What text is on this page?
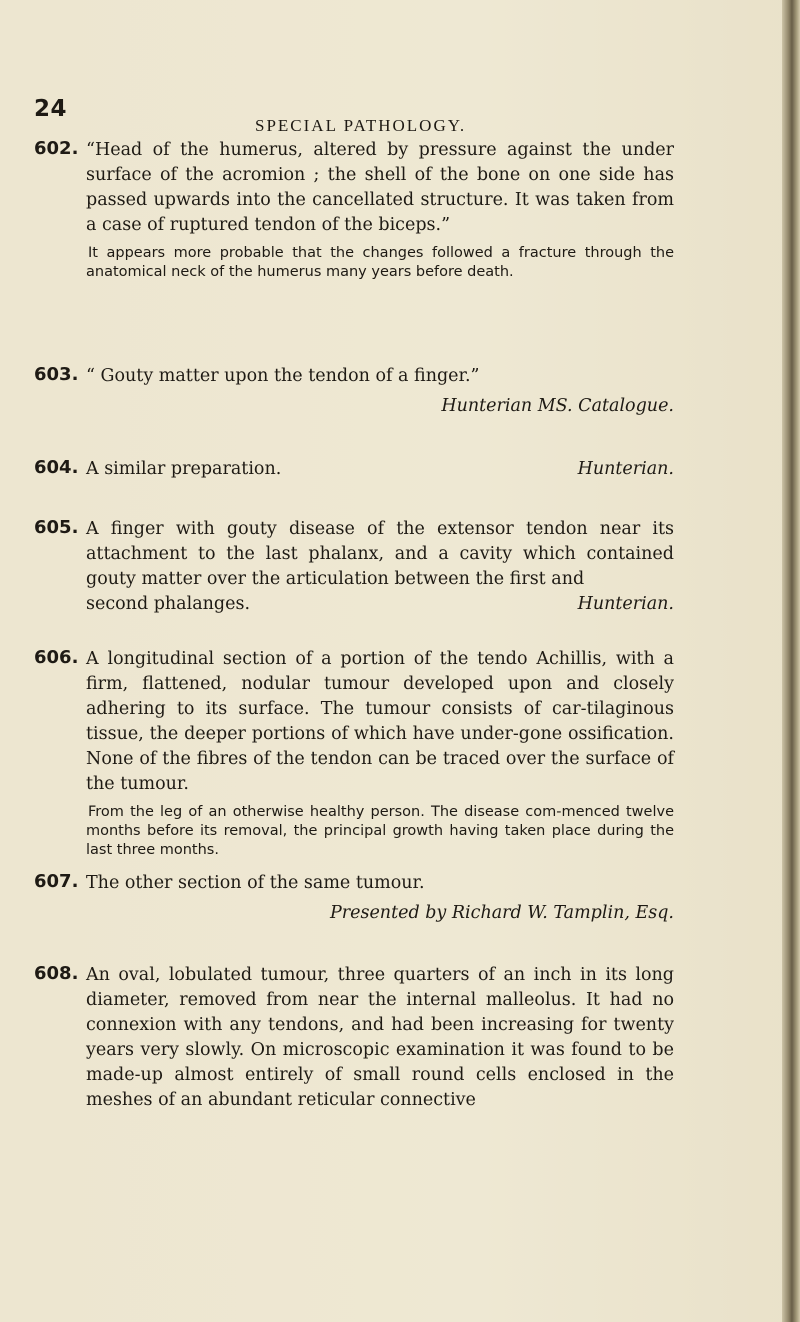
24
SPECIAL PATHOLOGY.
602. “Head of the humerus, altered by pressure against the under surface of the acromion ; the shell of the bone on one side has passed upwards into the cancellated structure. It was taken from a case of ruptured tendon of the biceps.”
It appears more probable that the changes followed a fracture through the anatomical neck of the humerus many years before death.
603. “ Gouty matter upon the tendon of a finger.”
Hunterian MS. Catalogue.
604. A similar preparation.	Hunterian.
605. A finger with gouty disease of the extensor tendon near its attachment to the last phalanx, and a cavity which contained gouty matter over the articulation between the first and
second phalanges.	Hunterian.
606. A longitudinal section of a portion of the tendo Achillis, with a firm, flattened, nodular tumour developed upon and closely adhering to its surface. The tumour consists of car-tilaginous tissue, the deeper portions of which have under-gone ossification. None of the fibres of the tendon can be traced over the surface of the tumour.
From the leg of an otherwise healthy person. The disease com-menced twelve months before its removal, the principal growth having taken place during the last three months.
607. The other section of the same tumour.
Presented by Richard W. Tamplin, Esq.
608. An oval, lobulated tumour, three quarters of an inch in its long diameter, removed from near the internal malleolus. It had no connexion with any tendons, and had been increasing for twenty years very slowly. On microscopic examination it was found to be made-up almost entirely of small round cells enclosed in the meshes of an abundant reticular connective
